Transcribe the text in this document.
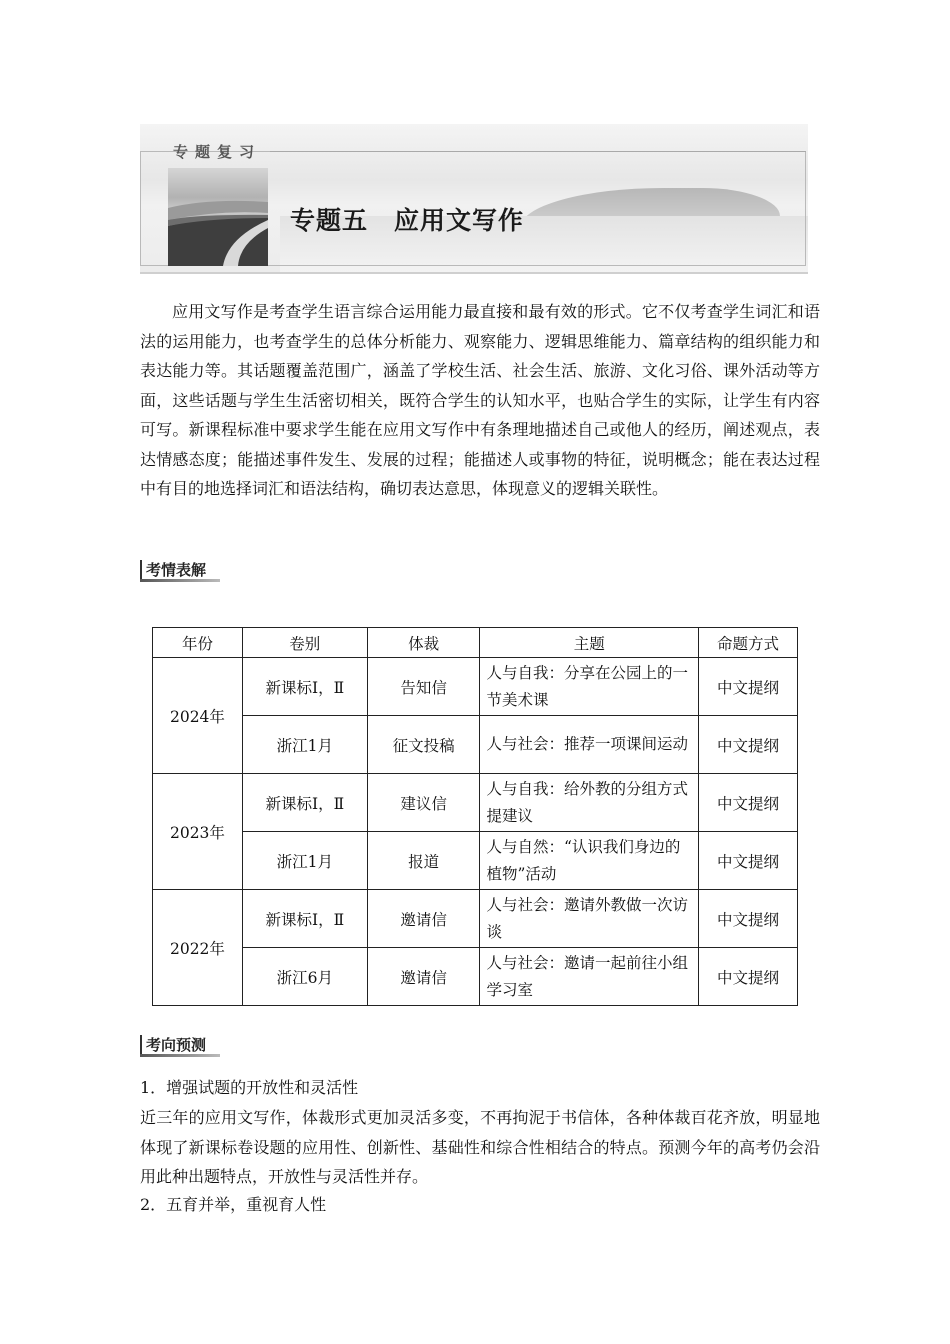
专题复习
专题五　应用文写作

应用文写作是考查学生语言综合运用能力最直接和最有效的形式。它不仅考查学生词汇和语法的运用能力，也考查学生的总体分析能力、观察能力、逻辑思维能力、篇章结构的组织能力和表达能力等。其话题覆盖范围广，涵盖了学校生活、社会生活、旅游、文化习俗、课外活动等方面，这些话题与学生生活密切相关，既符合学生的认知水平，也贴合学生的实际，让学生有内容可写。新课程标准中要求学生能在应用文写作中有条理地描述自己或他人的经历，阐述观点，表达情感态度；能描述事件发生、发展的过程；能描述人或事物的特征，说明概念；能在表达过程中有目的地选择词汇和语法结构，确切表达意思，体现意义的逻辑关联性。

考情表解
年份	卷别	体裁	主题	命题方式
2024年	新课标Ⅰ，Ⅱ	告知信	人与自我：分享在公园上的一节美术课	中文提纲
	浙江1月	征文投稿	人与社会：推荐一项课间运动	中文提纲
2023年	新课标Ⅰ，Ⅱ	建议信	人与自我：给外教的分组方式提建议	中文提纲
	浙江1月	报道	人与自然：“认识我们身边的植物”活动	中文提纲
2022年	新课标Ⅰ，Ⅱ	邀请信	人与社会：邀请外教做一次访谈	中文提纲
	浙江6月	邀请信	人与社会：邀请一起前往小组学习室	中文提纲
考向预测

1．增强试题的开放性和灵活性

近三年的应用文写作，体裁形式更加灵活多变，不再拘泥于书信体，各种体裁百花齐放，明显地体现了新课标卷设题的应用性、创新性、基础性和综合性相结合的特点。预测今年的高考仍会沿用此种出题特点，开放性与灵活性并存。

2．五育并举，重视育人性
